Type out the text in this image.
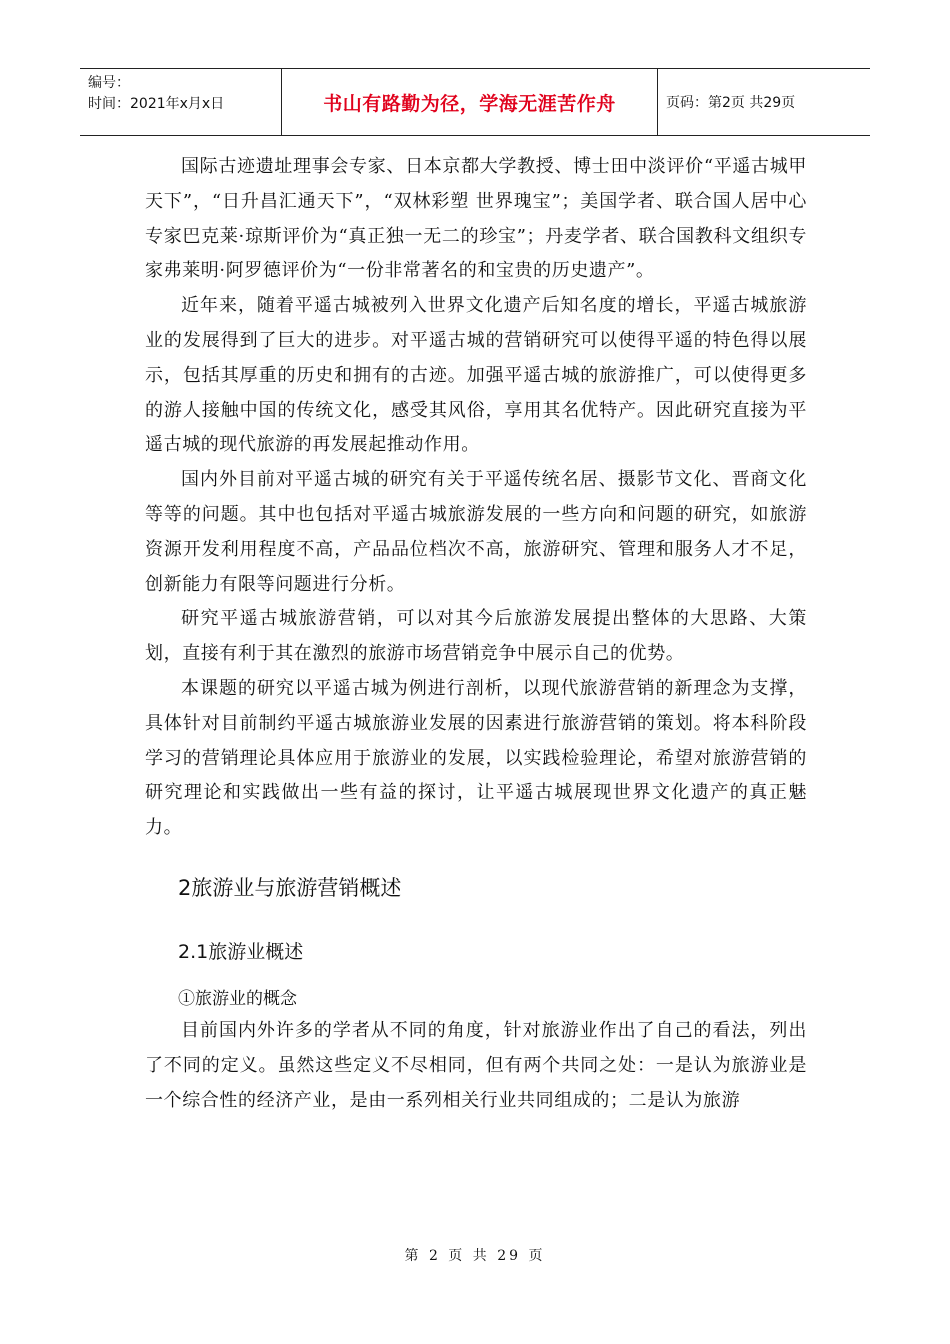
编号：
时间：2021年x月x日	书山有路勤为径，学海无涯苦作舟	页码：第2页 共29页

国际古迹遗址理事会专家、日本京都大学教授、博士田中淡评价“平遥古城甲天下”，“日升昌汇通天下”，“双林彩塑 世界瑰宝”；美国学者、联合国人居中心专家巴克莱·琼斯评价为“真正独一无二的珍宝”；丹麦学者、联合国教科文组织专家弗莱明·阿罗德评价为“一份非常著名的和宝贵的历史遗产”。

近年来，随着平遥古城被列入世界文化遗产后知名度的增长，平遥古城旅游业的发展得到了巨大的进步。对平遥古城的营销研究可以使得平遥的特色得以展示，包括其厚重的历史和拥有的古迹。加强平遥古城的旅游推广，可以使得更多的游人接触中国的传统文化，感受其风俗，享用其名优特产。因此研究直接为平遥古城的现代旅游的再发展起推动作用。

国内外目前对平遥古城的研究有关于平遥传统名居、摄影节文化、晋商文化等等的问题。其中也包括对平遥古城旅游发展的一些方向和问题的研究，如旅游资源开发利用程度不高，产品品位档次不高，旅游研究、管理和服务人才不足，创新能力有限等问题进行分析。

研究平遥古城旅游营销，可以对其今后旅游发展提出整体的大思路、大策划，直接有利于其在激烈的旅游市场营销竞争中展示自己的优势。

本课题的研究以平遥古城为例进行剖析，以现代旅游营销的新理念为支撑，具体针对目前制约平遥古城旅游业发展的因素进行旅游营销的策划。将本科阶段学习的营销理论具体应用于旅游业的发展，以实践检验理论，希望对旅游营销的研究理论和实践做出一些有益的探讨，让平遥古城展现世界文化遗产的真正魅力。

2旅游业与旅游营销概述
2.1旅游业概述
①旅游业的概念

目前国内外许多的学者从不同的角度，针对旅游业作出了自己的看法，列出了不同的定义。虽然这些定义不尽相同，但有两个共同之处：一是认为旅游业是一个综合性的经济产业，是由一系列相关行业共同组成的；二是认为旅游

第 2 页 共 29 页
